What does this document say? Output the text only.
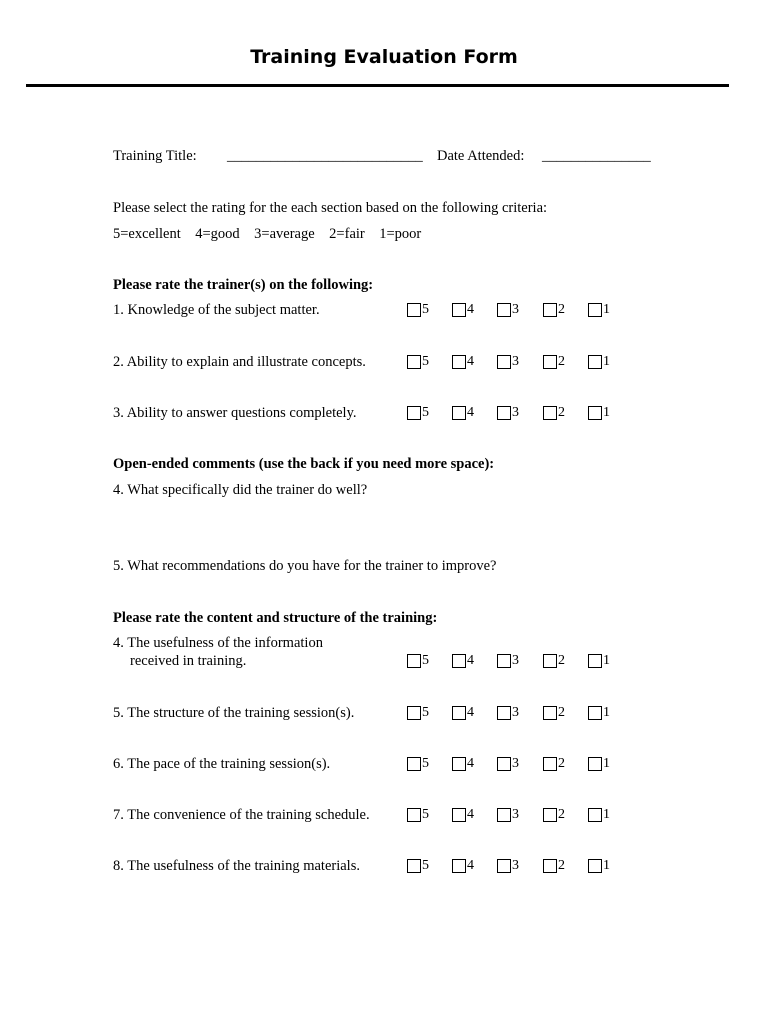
Training Evaluation Form
Training Title: ___________________________ Date Attended: _______________
Please select the rating for the each section based on the following criteria:
5=excellent    4=good    3=average    2=fair    1=poor
Please rate the trainer(s) on the following:
1. Knowledge of the subject matter.	5	4	3	2	1
2. Ability to explain and illustrate concepts.	5	4	3	2	1
3. Ability to answer questions completely.	5	4	3	2	1
Open-ended comments (use the back if you need more space):
4. What specifically did the trainer do well?
5. What recommendations do you have for the trainer to improve?
Please rate the content and structure of the training:
4. The usefulness of the information
received in training.	5	4	3	2	1
5. The structure of the training session(s).	5	4	3	2	1
6. The pace of the training session(s).	5	4	3	2	1
7. The convenience of the training schedule.	5	4	3	2	1
8. The usefulness of the training materials.	5	4	3	2	1
